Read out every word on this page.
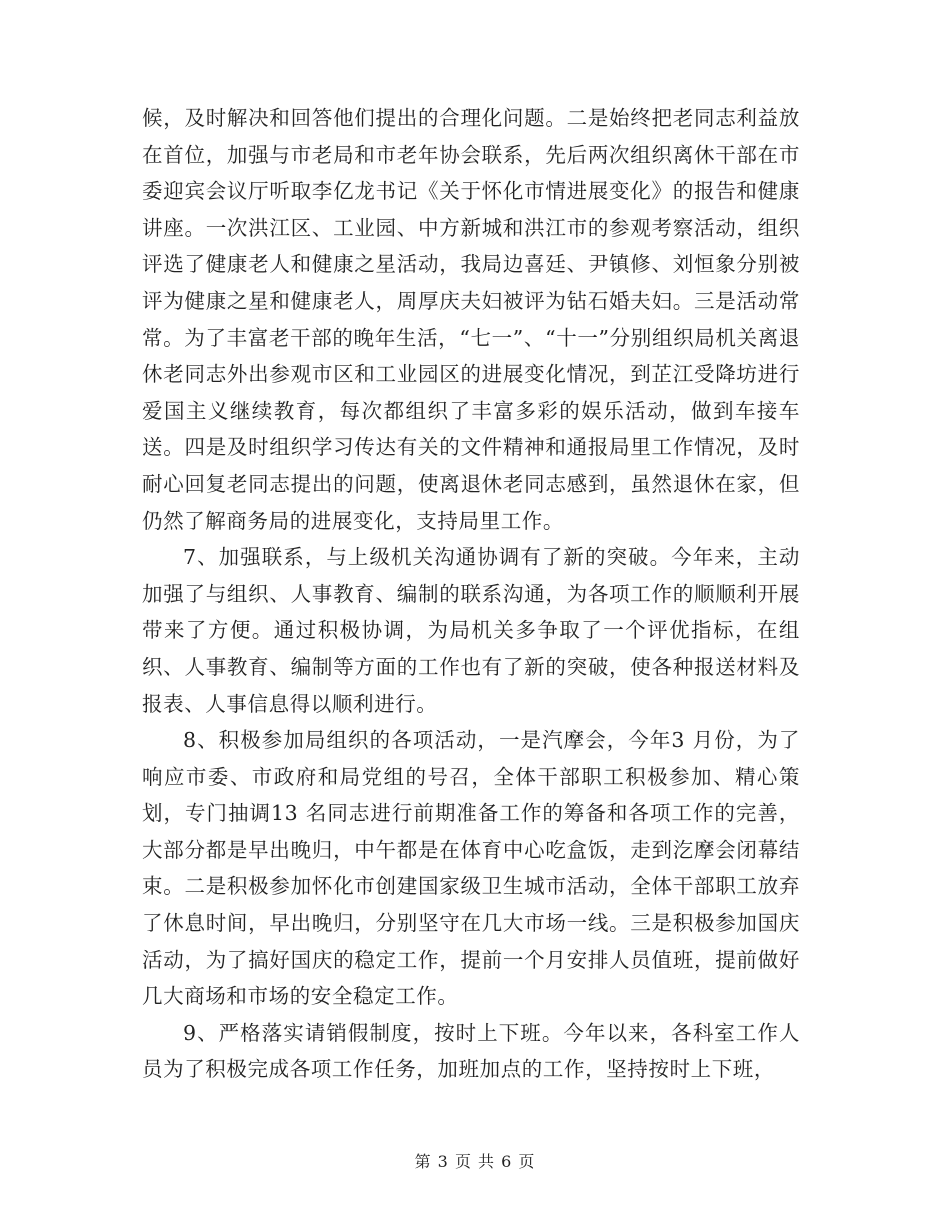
候，及时解决和回答他们提出的合理化问题。二是始终把老同志利益放在首位，加强与市老局和市老年协会联系，先后两次组织离休干部在市委迎宾会议厅听取李亿龙书记《关于怀化市情进展变化》的报告和健康讲座。一次洪江区、工业园、中方新城和洪江市的参观考察活动，组织评选了健康老人和健康之星活动，我局边喜廷、尹镇修、刘恒象分别被评为健康之星和健康老人，周厚庆夫妇被评为钻石婚夫妇。三是活动常常。为了丰富老干部的晚年生活，“七一”、“十一”分别组织局机关离退休老同志外出参观市区和工业园区的进展变化情况，到芷江受降坊进行爱国主义继续教育，每次都组织了丰富多彩的娱乐活动，做到车接车送。四是及时组织学习传达有关的文件精神和通报局里工作情况，及时耐心回复老同志提出的问题，使离退休老同志感到，虽然退休在家，但仍然了解商务局的进展变化，支持局里工作。

7、加强联系，与上级机关沟通协调有了新的突破。今年来，主动加强了与组织、人事教育、编制的联系沟通，为各项工作的顺顺利开展带来了方便。通过积极协调，为局机关多争取了一个评优指标，在组织、人事教育、编制等方面的工作也有了新的突破，使各种报送材料及报表、人事信息得以顺利进行。

8、积极参加局组织的各项活动，一是汽摩会，今年3 月份，为了响应市委、市政府和局党组的号召，全体干部职工积极参加、精心策划，专门抽调13 名同志进行前期准备工作的筹备和各项工作的完善，大部分都是早出晚归，中午都是在体育中心吃盒饭，走到汔摩会闭幕结束。二是积极参加怀化市创建国家级卫生城市活动，全体干部职工放弃了休息时间，早出晚归，分别坚守在几大市场一线。三是积极参加国庆活动，为了搞好国庆的稳定工作，提前一个月安排人员值班，提前做好几大商场和市场的安全稳定工作。

9、严格落实请销假制度，按时上下班。今年以来，各科室工作人员为了积极完成各项工作任务，加班加点的工作，坚持按时上下班，

第 3 页 共 6 页
